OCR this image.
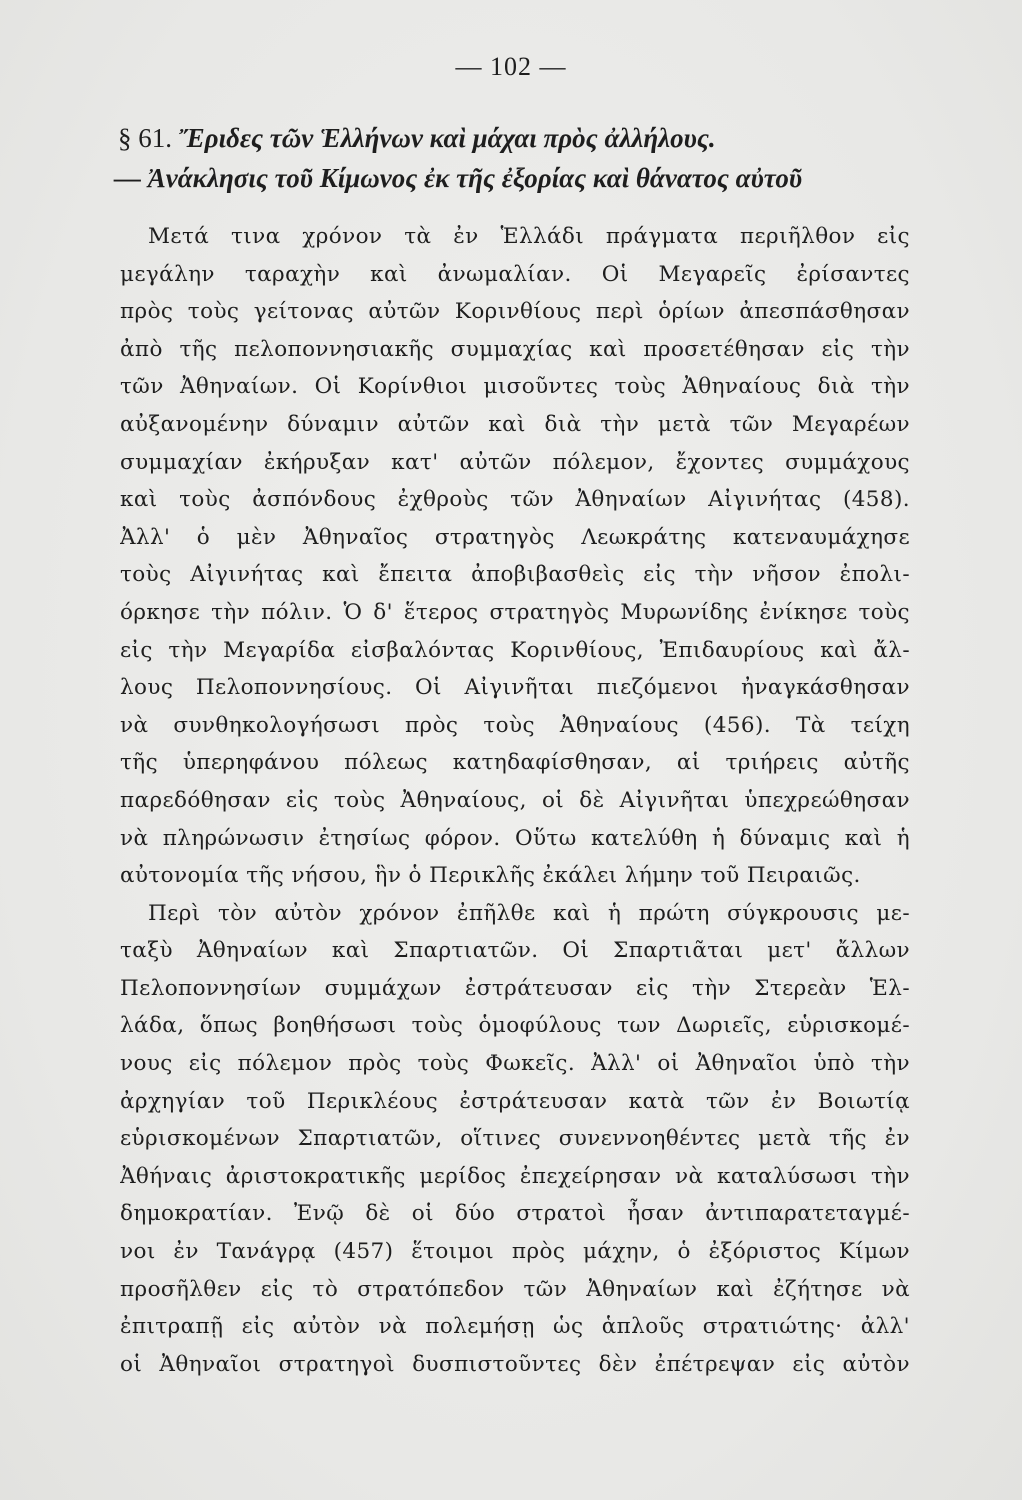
— 102 —
§ 61. Ἔριδες τῶν Ἑλλήνων καὶ μάχαι πρὸς ἀλλήλους.
— Ἀνάκλησις τοῦ Κίμωνος ἐκ τῆς ἐξορίας καὶ θάνατος αὐτοῦ
Μετά τινα χρόνον τὰ ἐν Ἑλλάδι πράγματα περιῆλθον εἰς
μεγάλην ταραχὴν καὶ ἀνωμαλίαν. Οἱ Μεγαρεῖς ἐρίσαντες
πρὸς τοὺς γείτονας αὐτῶν Κορινθίους περὶ ὁρίων ἀπεσπάσθησαν
ἀπὸ τῆς πελοποννησιακῆς συμμαχίας καὶ προσετέθησαν εἰς τὴν
τῶν Ἀθηναίων. Οἱ Κορίνθιοι μισοῦντες τοὺς Ἀθηναίους διὰ τὴν
αὐξανομένην δύναμιν αὐτῶν καὶ διὰ τὴν μετὰ τῶν Μεγαρέων
συμμαχίαν ἐκήρυξαν κατ' αὐτῶν πόλεμον, ἔχοντες συμμάχους
καὶ τοὺς ἀσπόνδους ἐχθροὺς τῶν Ἀθηναίων Αἰγινήτας (458).
Ἀλλ' ὁ μὲν Ἀθηναῖος στρατηγὸς Λεωκράτης κατεναυμάχησε
τοὺς Αἰγινήτας καὶ ἔπειτα ἀποβιβασθεὶς εἰς τὴν νῆσον ἐπολι-
όρκησε τὴν πόλιν. Ὁ δ' ἕτερος στρατηγὸς Μυρωνίδης ἐνίκησε τοὺς
εἰς τὴν Μεγαρίδα εἰσβαλόντας Κορινθίους, Ἐπιδαυρίους καὶ ἄλ-
λους Πελοποννησίους. Οἱ Αἰγινῆται πιεζόμενοι ἠναγκάσθησαν
νὰ συνθηκολογήσωσι πρὸς τοὺς Ἀθηναίους (456). Τὰ τείχη
τῆς ὑπερηφάνου πόλεως κατηδαφίσθησαν, αἱ τριήρεις αὐτῆς
παρεδόθησαν εἰς τοὺς Ἀθηναίους, οἱ δὲ Αἰγινῆται ὑπεχρεώθησαν
νὰ πληρώνωσιν ἐτησίως φόρον. Οὕτω κατελύθη ἡ δύναμις καὶ ἡ
αὐτονομία τῆς νήσου, ἣν ὁ Περικλῆς ἐκάλει λήμην τοῦ Πειραιῶς.
Περὶ τὸν αὐτὸν χρόνον ἐπῆλθε καὶ ἡ πρώτη σύγκρουσις με-
ταξὺ Ἀθηναίων καὶ Σπαρτιατῶν. Οἱ Σπαρτιᾶται μετ' ἄλλων
Πελοποννησίων συμμάχων ἐστράτευσαν εἰς τὴν Στερεὰν Ἑλ-
λάδα, ὅπως βοηθήσωσι τοὺς ὁμοφύλους των Δωριεῖς, εὑρισκομέ-
νους εἰς πόλεμον πρὸς τοὺς Φωκεῖς. Ἀλλ' οἱ Ἀθηναῖοι ὑπὸ τὴν
ἀρχηγίαν τοῦ Περικλέους ἐστράτευσαν κατὰ τῶν ἐν Βοιωτίᾳ
εὑρισκομένων Σπαρτιατῶν, οἵτινες συνεννοηθέντες μετὰ τῆς ἐν
Ἀθήναις ἀριστοκρατικῆς μερίδος ἐπεχείρησαν νὰ καταλύσωσι τὴν
δημοκρατίαν. Ἐνῷ δὲ οἱ δύο στρατοὶ ἦσαν ἀντιπαρατεταγμέ-
νοι ἐν Τανάγρᾳ (457) ἕτοιμοι πρὸς μάχην, ὁ ἐξόριστος Κίμων
προσῆλθεν εἰς τὸ στρατόπεδον τῶν Ἀθηναίων καὶ ἐζήτησε νὰ
ἐπιτραπῇ εἰς αὐτὸν νὰ πολεμήσῃ ὡς ἁπλοῦς στρατιώτης· ἀλλ'
οἱ Ἀθηναῖοι στρατηγοὶ δυσπιστοῦντες δὲν ἐπέτρεψαν εἰς αὐτὸν
